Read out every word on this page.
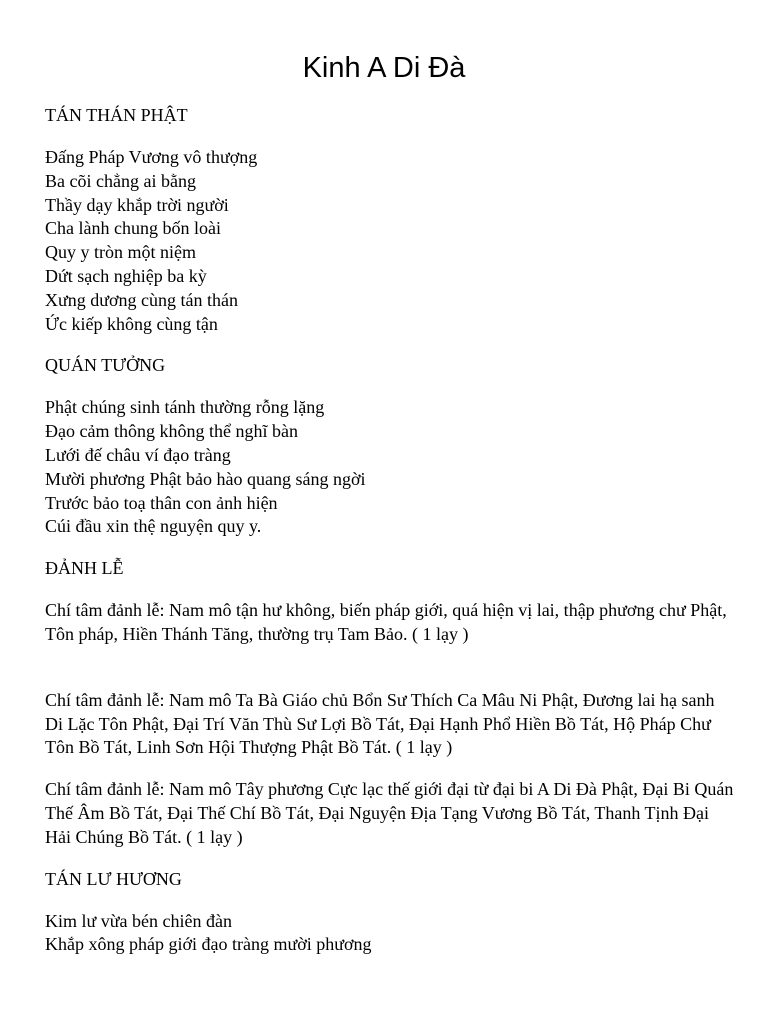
Kinh A Di Đà
TÁN THÁN PHẬT
Đấng Pháp Vương vô thượng
Ba cõi chẳng ai bằng
Thầy dạy khắp trời người
Cha lành chung bốn loài
Quy y tròn một niệm
Dứt sạch nghiệp ba kỳ
Xưng dương cùng tán thán
Ức kiếp không cùng tận
QUÁN TƯỞNG
Phật chúng sinh tánh thường rỗng lặng
Đạo cảm thông không thể nghĩ bàn
Lưới đế châu ví đạo tràng
Mười phương Phật bảo hào quang sáng ngời
Trước bảo toạ thân con ảnh hiện
Cúi đầu xin thệ nguyện quy y.
ĐẢNH LỄ
Chí tâm đảnh lễ: Nam mô tận hư không, biến pháp giới, quá hiện vị lai, thập phương chư Phật, Tôn pháp, Hiền Thánh Tăng, thường trụ Tam Bảo. ( 1 lạy )
Chí tâm đảnh lễ: Nam mô Ta Bà Giáo chủ Bổn Sư Thích Ca Mâu Ni Phật, Đương lai hạ sanh Di Lặc Tôn Phật, Đại Trí Văn Thù Sư Lợi Bồ Tát, Đại Hạnh Phổ Hiền Bồ Tát, Hộ Pháp Chư Tôn Bồ Tát, Linh Sơn Hội Thượng Phật Bồ Tát. ( 1 lạy )
Chí tâm đảnh lễ: Nam mô Tây phương Cực lạc thế giới đại từ đại bi A Di Đà Phật, Đại Bi Quán Thế Âm Bồ Tát, Đại Thế Chí Bồ Tát, Đại Nguyện Địa Tạng Vương Bồ Tát, Thanh Tịnh Đại Hải Chúng Bồ Tát. ( 1 lạy )
TÁN LƯ HƯƠNG
Kim lư vừa bén chiên đàn
Khắp xông pháp giới đạo tràng mười phương
